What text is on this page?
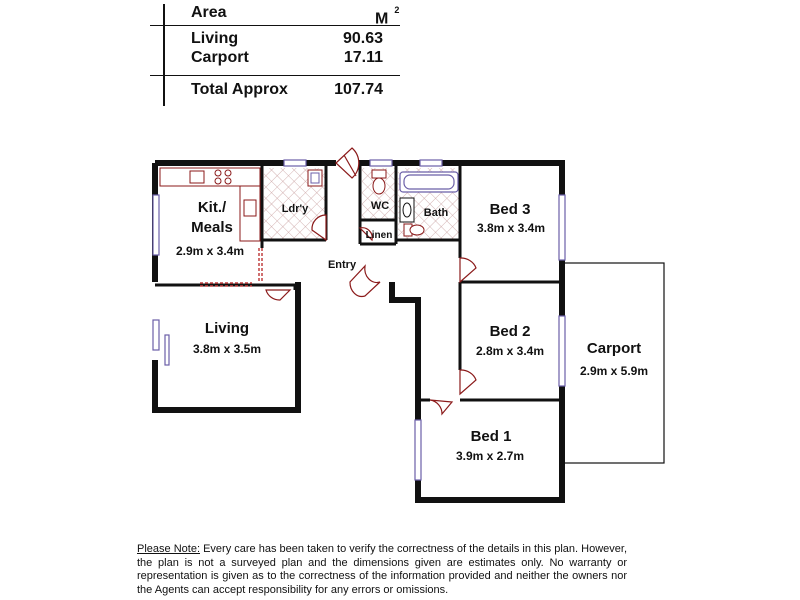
Area	$M^2$
Living	90.63
Carport	17.11
Total Approx	107.74
Kit./
Meals
2.9m x 3.4m
Ldr'y	WC
Bath
Linen
Bed 3
3.8m x 3.4m
Entry
Living
3.8m x 3.5m
Bed 2
2.8m x 3.4m	Carport
2.9m x 5.9m
Bed 1
3.9m x 2.7m
Please Note: Every care has been taken to verify the correctness of the details in this plan. However, the plan is not a surveyed plan and the dimensions given are estimates only. No warranty or representation is given as to the correctness of the information provided and neither the owners nor the Agents can accept responsibility for any errors or omissions.
